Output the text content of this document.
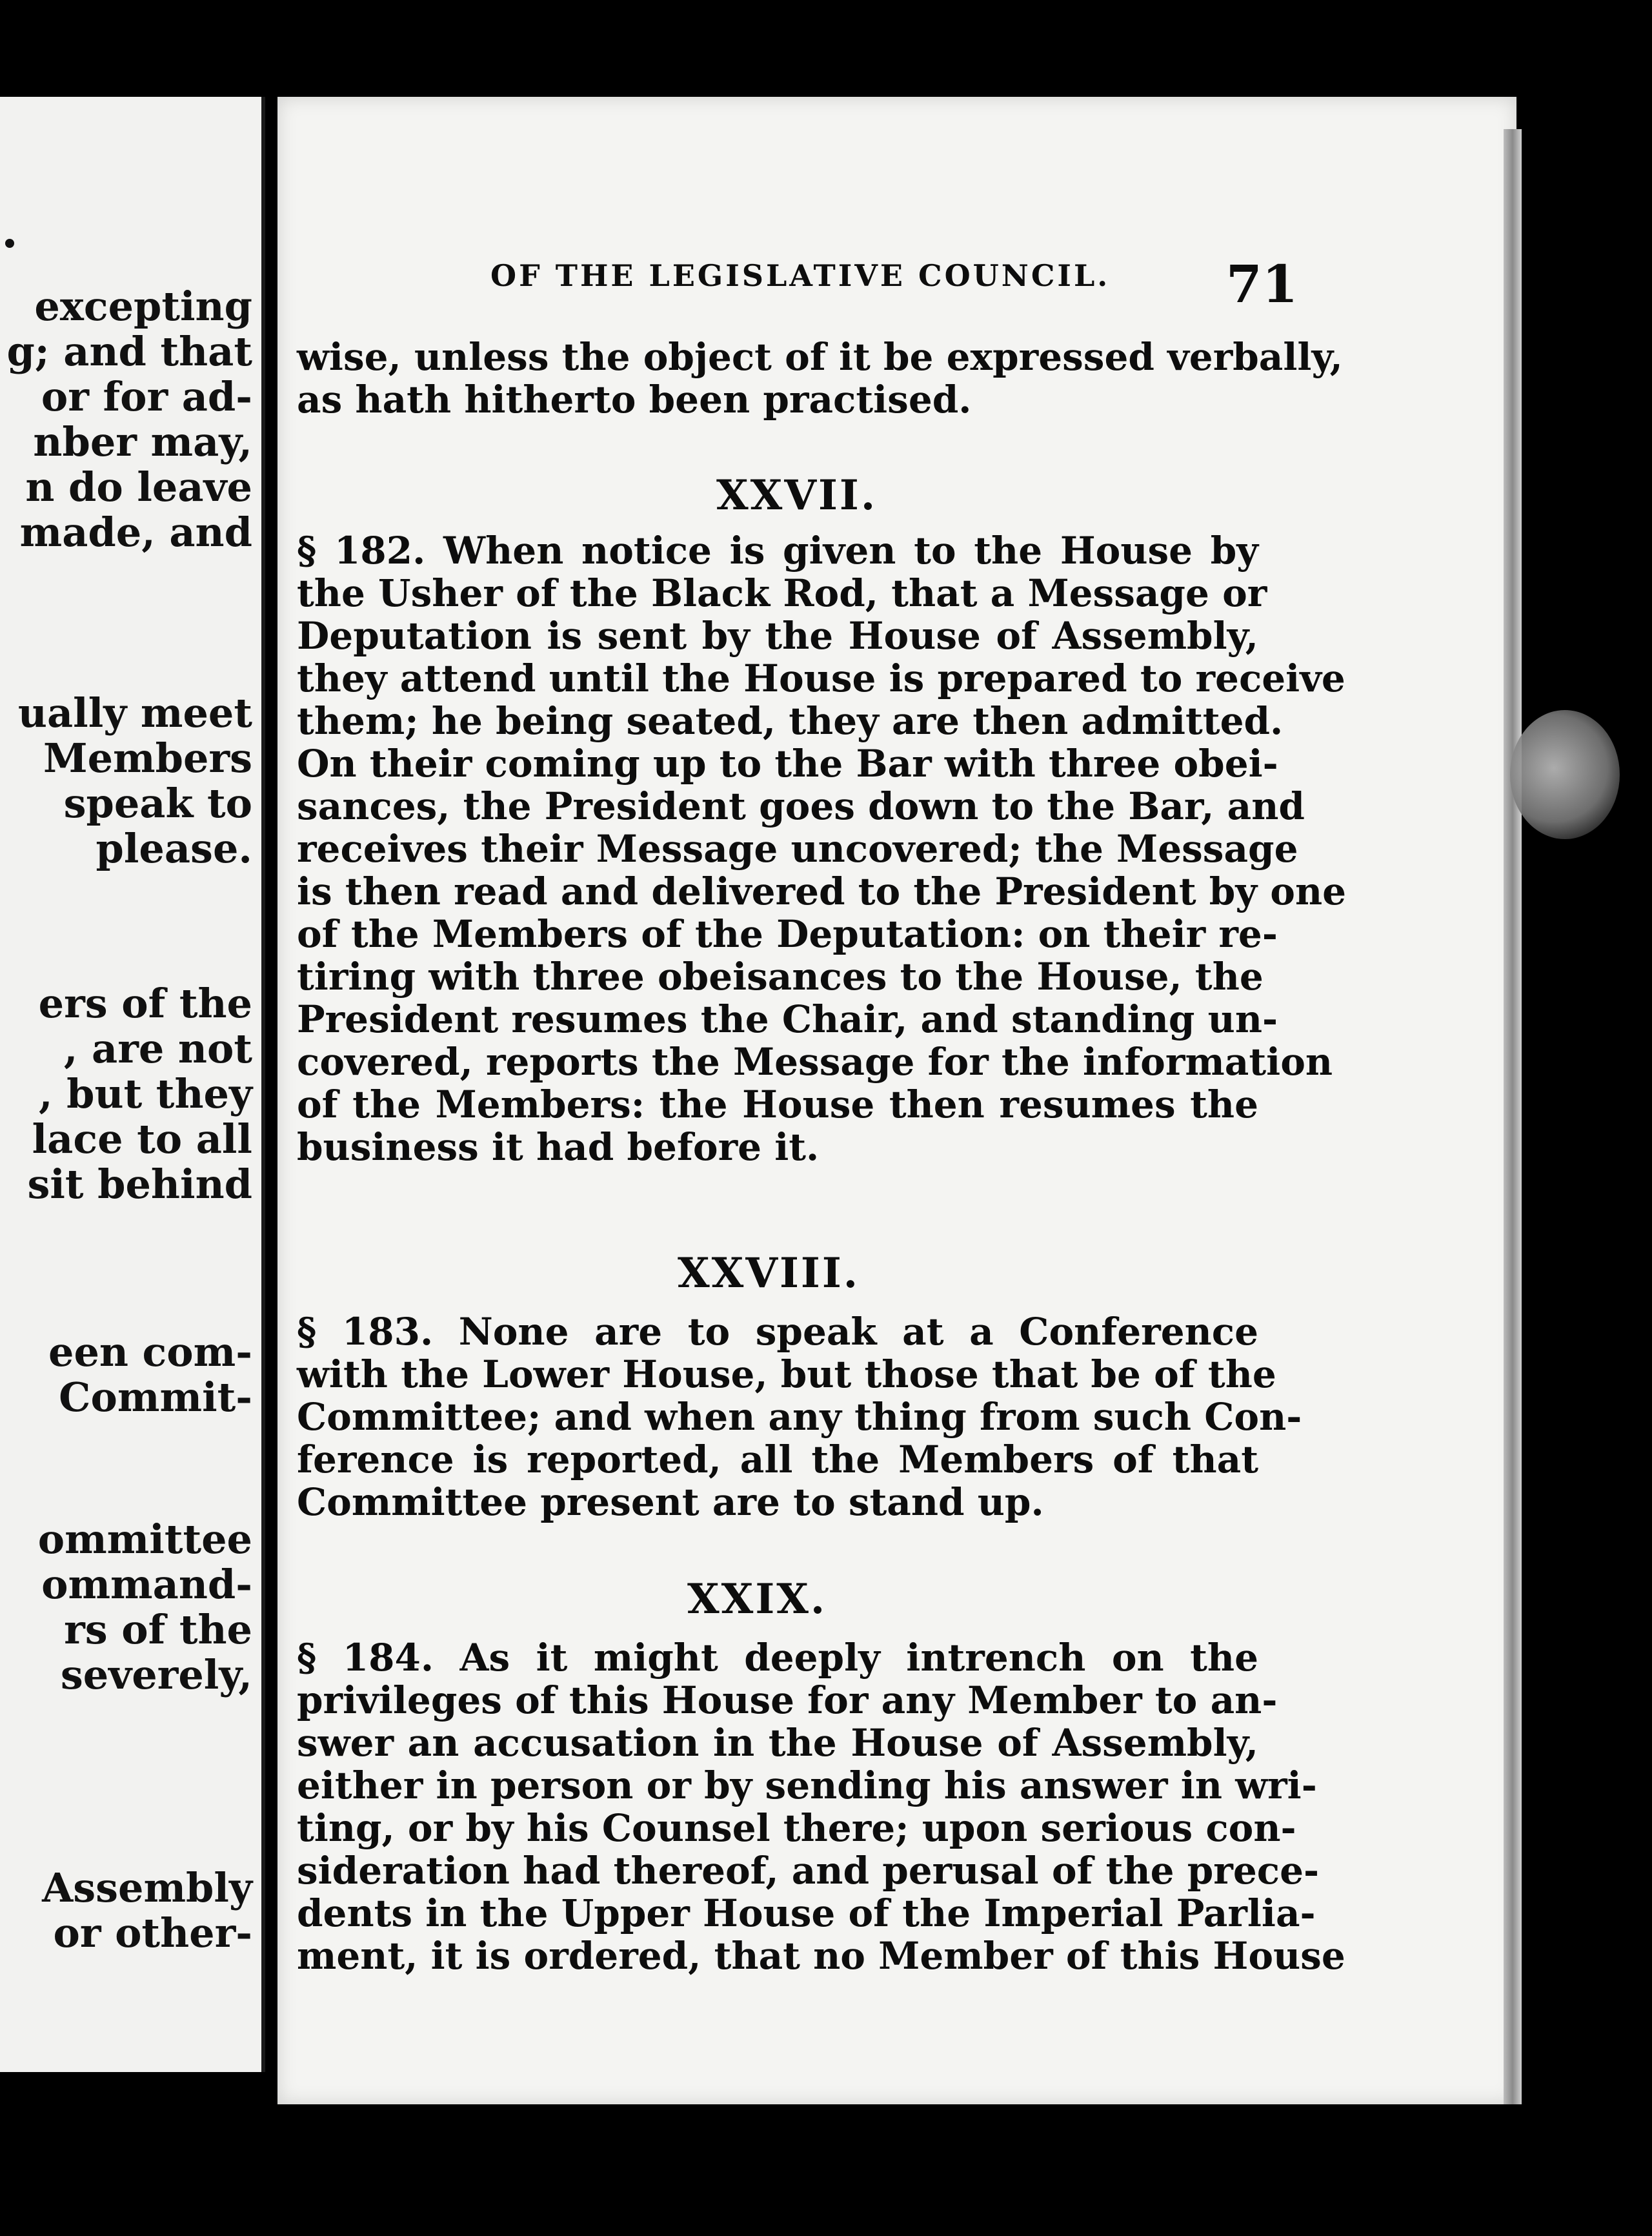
excepting

g; and that

or for ad-

nber may,

n do leave

made, and

ually meet

Members

speak to

please.

ers of the

, are not

, but they

lace to all

sit behind

een com-

Commit-

ommittee

ommand-

rs of the

severely,

Assembly

or other-

OF THE LEGISLATIVE COUNCIL.	71
wise, unless the object of it be expressed verbally,
as hath hitherto been practised.
XXVII.
§ 182. When notice is given to the House by
the Usher of the Black Rod, that a Message or
Deputation is sent by the House of Assembly,
they attend until the House is prepared to receive
them; he being seated, they are then admitted.
On their coming up to the Bar with three obei-
sances, the President goes down to the Bar, and
receives their Message uncovered; the Message
is then read and delivered to the President by one
of the Members of the Deputation: on their re-
tiring with three obeisances to the House, the
President resumes the Chair, and standing un-
covered, reports the Message for the information
of the Members: the House then resumes the
business it had before it.
XXVIII.
§ 183. None are to speak at a Conference
with the Lower House, but those that be of the
Committee; and when any thing from such Con-
ference is reported, all the Members of that
Committee present are to stand up.
XXIX.
§ 184. As it might deeply intrench on the
privileges of this House for any Member to an-
swer an accusation in the House of Assembly,
either in person or by sending his answer in wri-
ting, or by his Counsel there; upon serious con-
sideration had thereof, and perusal of the prece-
dents in the Upper House of the Imperial Parlia-
ment, it is ordered, that no Member of this House
